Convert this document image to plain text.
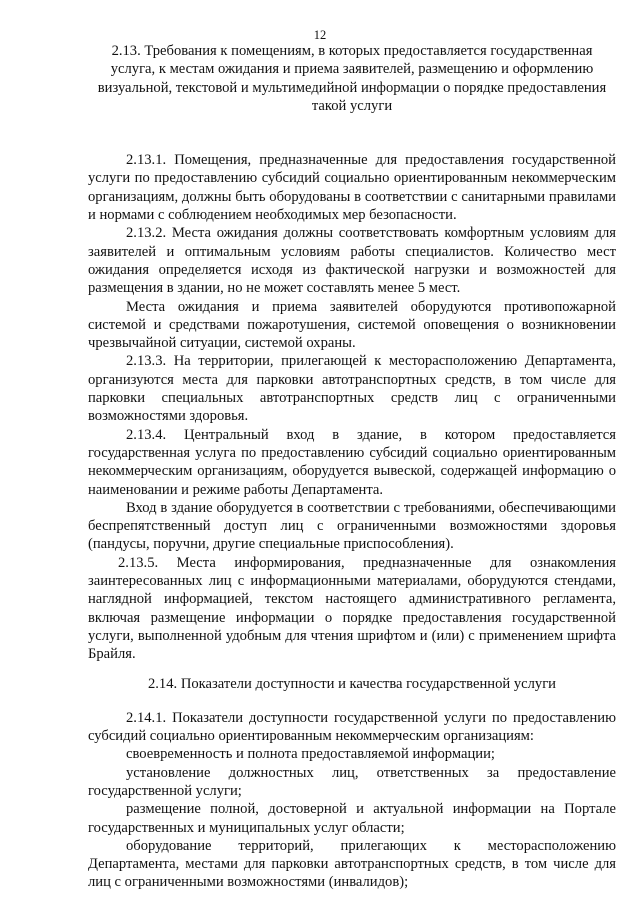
12

2.13. Требования к помещениям, в которых предоставляется государственная услуга, к местам ожидания и приема заявителей, размещению и оформлению визуальной, текстовой и мультимедийной информации о порядке предоставления такой услуги

2.13.1. Помещения, предназначенные для предоставления государственной услуги по предоставлению субсидий социально ориентированным некоммерческим организациям, должны быть оборудованы в соответствии с санитарными правилами и нормами с соблюдением необходимых мер безопасности.

2.13.2. Места ожидания должны соответствовать комфортным условиям для заявителей и оптимальным условиям работы специалистов. Количество мест ожидания определяется исходя из фактической нагрузки и возможностей для размещения в здании, но не может составлять менее 5 мест.

Места ожидания и приема заявителей оборудуются противопожарной системой и средствами пожаротушения, системой оповещения о возникновении чрезвычайной ситуации, системой охраны.

2.13.3. На территории, прилегающей к месторасположению Департамента, организуются места для парковки автотранспортных средств, в том числе для парковки специальных автотранспортных средств лиц с ограниченными возможностями здоровья.

2.13.4. Центральный вход в здание, в котором предоставляется государственная услуга по предоставлению субсидий социально ориентированным некоммерческим организациям, оборудуется вывеской, содержащей информацию о наименовании и режиме работы Департамента.

Вход в здание оборудуется в соответствии с требованиями, обеспечивающими беспрепятственный доступ лиц с ограниченными возможностями здоровья (пандусы, поручни, другие специальные приспособления).

2.13.5. Места информирования, предназначенные для ознакомления заинтересованных лиц с информационными материалами, оборудуются стендами, наглядной информацией, текстом настоящего административного регламента, включая размещение информации о порядке предоставления государственной услуги, выполненной удобным для чтения шрифтом и (или) с применением шрифта Брайля.

2.14. Показатели доступности и качества государственной услуги

2.14.1. Показатели доступности государственной услуги по предоставлению субсидий социально ориентированным некоммерческим организациям:

своевременность и полнота предоставляемой информации;

установление должностных лиц, ответственных за предоставление государственной услуги;

размещение полной, достоверной и актуальной информации на Портале государственных и муниципальных услуг области;

оборудование территорий, прилегающих к месторасположению Департамента, местами для парковки автотранспортных средств, в том числе для лиц с ограниченными возможностями (инвалидов);
